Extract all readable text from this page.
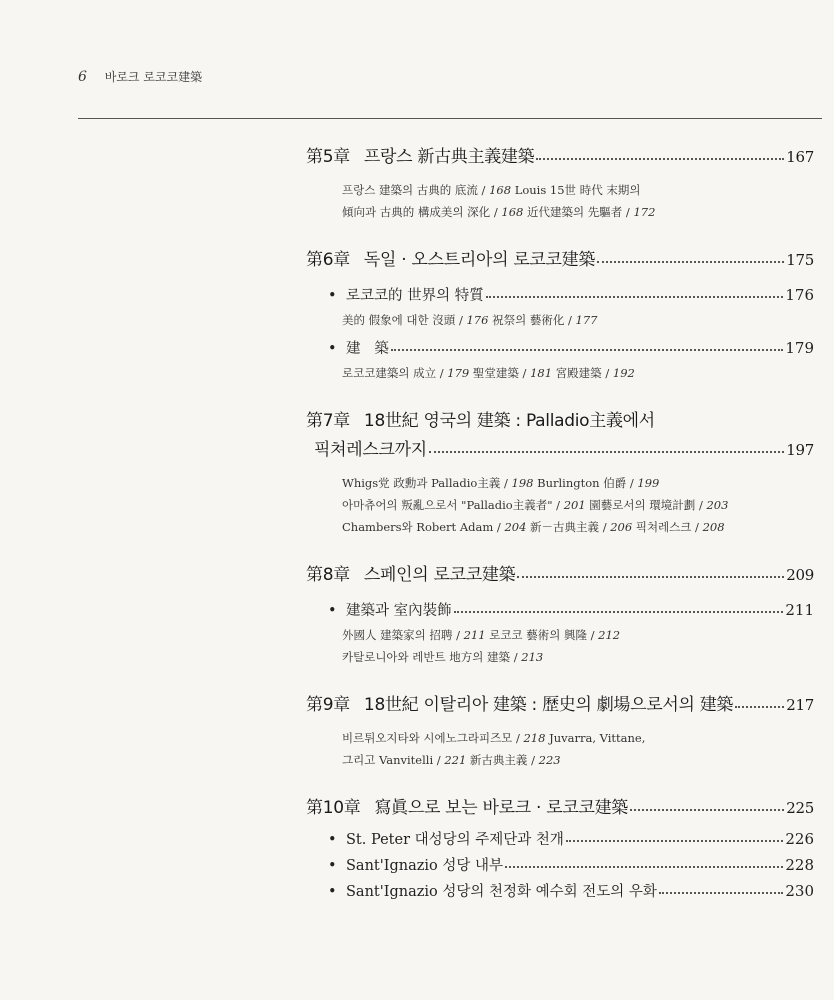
6 바로크 로코코建築
第5章 프랑스 新古典主義建築	167
프랑스 建築의 古典的 底流 / 168 Louis 15世 時代 末期의
傾向과 古典的 構成美의 深化 / 168 近代建築의 先驅者 / 172
第6章 독일 · 오스트리아의 로코코建築	175
• 로코코的 世界의 特質	176
美的 假象에 대한 沒頭 / 176 祝祭의 藝術化 / 177
• 建   築	179
로코코建築의 成立 / 179 聖堂建築 / 181 宮殿建築 / 192
第7章 18世紀 영국의 建築 : Palladio主義에서
픽쳐레스크까지	197
Whigs党 政勳과 Palladio主義 / 198 Burlington 伯爵 / 199
아마츄어의 叛亂으로서 "Palladio主義者" / 201 園藝로서의 環境計劃 / 203
Chambers와 Robert Adam / 204 新－古典主義 / 206 픽쳐레스크 / 208
第8章 스페인의 로코코建築	209
• 建築과 室內裝飾	211
外國人 建築家의 招聘 / 211 로코코 藝術의 興隆 / 212
카탈로니아와 레반트 地方의 建築 / 213
第9章 18世紀 이탈리아 建築 : 歷史의 劇場으로서의 建築	217
비르튀오지타와 시에노그라피즈모 / 218 Juvarra, Vittane,
그리고 Vanvitelli / 221 新古典主義 / 223
第10章 寫眞으로 보는 바로크 · 로코코建築	225
• St. Peter 대성당의 주제단과 천개	226
• Sant'Ignazio 성당 내부	228
• Sant'Ignazio 성당의 천정화 예수회 전도의 우화	230
